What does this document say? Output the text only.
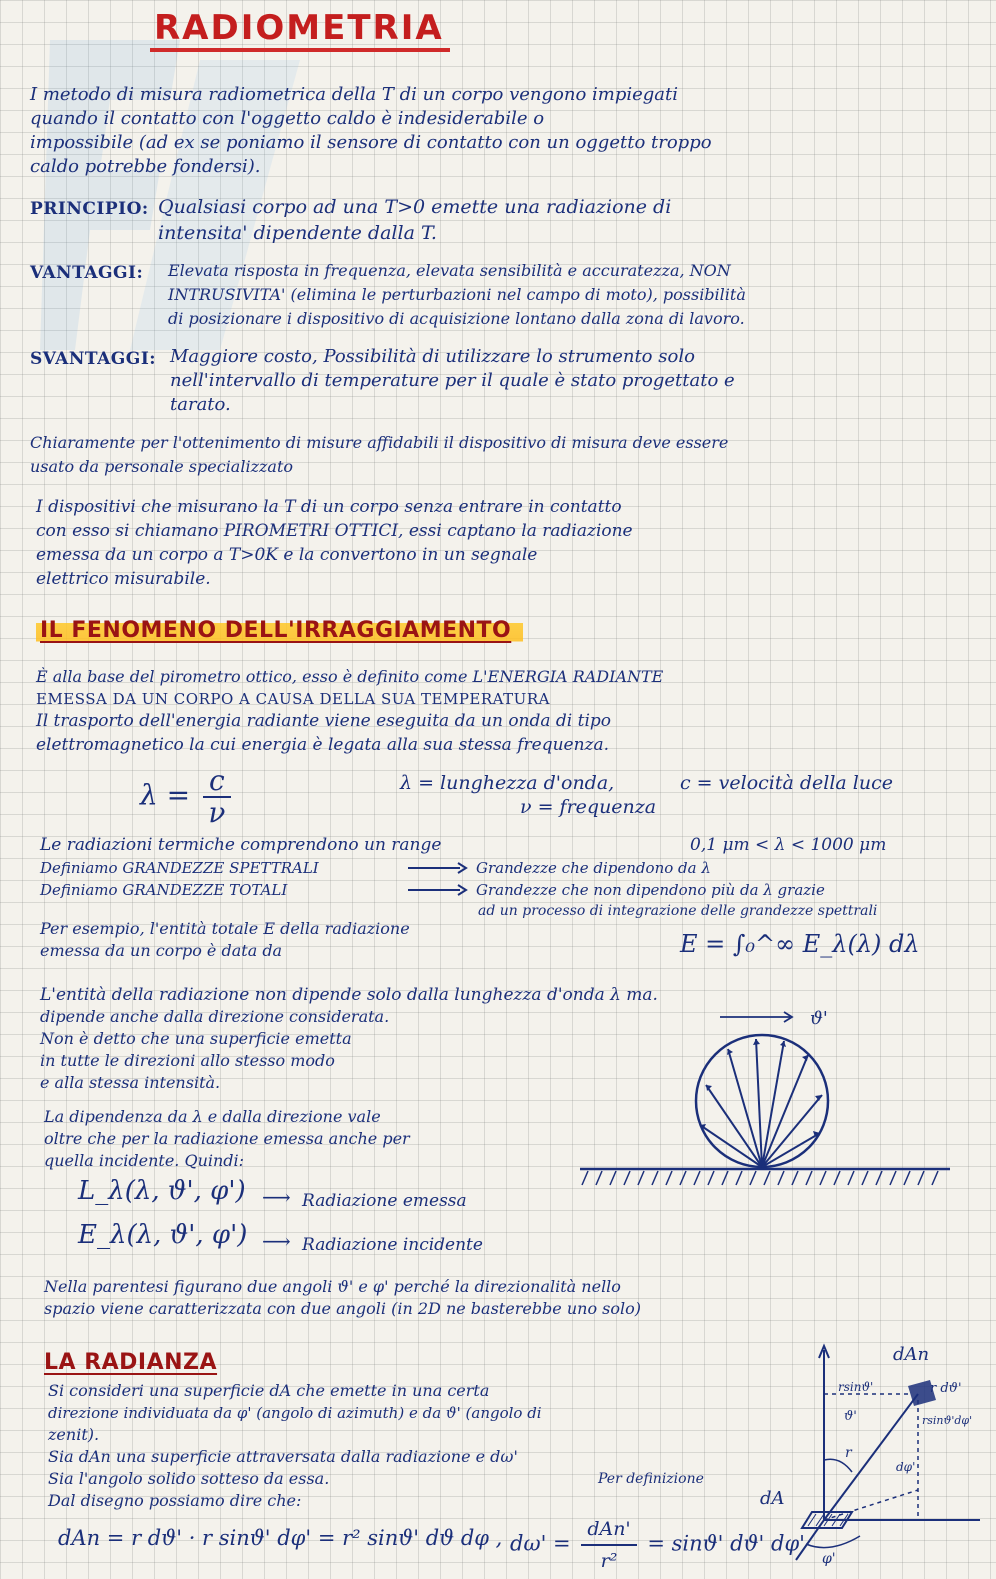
RADIOMETRIA

I metodo di misura radiometrica della T di un corpo vengono impiegati

quando il contatto con l'oggetto caldo è indesiderabile o

impossibile (ad ex se poniamo il sensore di contatto con un oggetto troppo

caldo potrebbe fondersi).

PRINCIPIO: Qualsiasi corpo ad una T>0 emette una radiazione di

intensita' dipendente dalla T.

VANTAGGI: Elevata risposta in frequenza, elevata sensibilità e accuratezza, NON

INTRUSIVITA' (elimina le perturbazioni nel campo di moto), possibilità

di posizionare i dispositivo di acquisizione lontano dalla zona di lavoro.

SVANTAGGI: Maggiore costo, Possibilità di utilizzare lo strumento solo

nell'intervallo di temperature per il quale è stato progettato e

tarato.

Chiaramente per l'ottenimento di misure affidabili il dispositivo di misura deve essere

usato da personale specializzato

I dispositivi che misurano la T di un corpo senza entrare in contatto

con esso si chiamano PIROMETRI OTTICI, essi captano la radiazione

emessa da un corpo a T>0K e la convertono in un segnale

elettrico misurabile.

IL FENOMENO DELL'IRRAGGIAMENTO

È alla base del pirometro ottico, esso è definito come L'ENERGIA RADIANTE

EMESSA DA UN CORPO A CAUSA DELLA SUA TEMPERATURA

Il trasporto dell'energia radiante viene eseguita da un onda di tipo

elettromagnetico la cui energia è legata alla sua stessa frequenza.

$\lambda = \frac{c}{\nu}$	λ = lunghezza d'onda,	c = velocità della luce

ν = frequenza

Le radiazioni termiche comprendono un range	0,1 μm < λ < 1000 μm

Definiamo GRANDEZZE SPETTRALI	Grandezze che dipendono da λ

Definiamo GRANDEZZE TOTALI	Grandezze che non dipendono più da λ grazie

ad un processo di integrazione delle grandezze spettrali

Per esempio, l'entità totale E della radiazione

emessa da un corpo è data da	E = ∫₀^∞ E_λ(λ) dλ

L'entità della radiazione non dipende solo dalla lunghezza d'onda λ ma.

dipende anche dalla direzione considerata.

Non è detto che una superficie emetta

in tutte le direzioni allo stesso modo

e alla stessa intensità.

ϑ'

La dipendenza da λ e dalla direzione vale

oltre che per la radiazione emessa anche per

quella incidente. Quindi:

L_λ(λ, ϑ', φ') ⟶ Radiazione emessa

E_λ(λ, ϑ', φ') ⟶ Radiazione incidente

Nella parentesi figurano due angoli ϑ' e φ' perché la direzionalità nello

spazio viene caratterizzata con due angoli (in 2D ne basterebbe uno solo)

LA RADIANZA

Si consideri una superficie dA che emette in una certa

direzione individuata da φ' (angolo di azimuth) e da ϑ' (angolo di

zenit).

Sia dAn una superficie attraversata dalla radiazione e dω'

Sia l'angolo solido sotteso da essa.	Per definizione

Dal disegno possiamo dire che:

dAn = r dϑ' · r sinϑ' dφ' = r² sinϑ' dϑ dφ , $d\omega' = \frac{\text{dAn'}}{\text{r²}} = \sin ϑ'$ dϑ' dφ'

dAn

dA

rsinϑ'	r dϑ'

rsinϑ'dφ'

r

ϑ'

dφ'

φ'
